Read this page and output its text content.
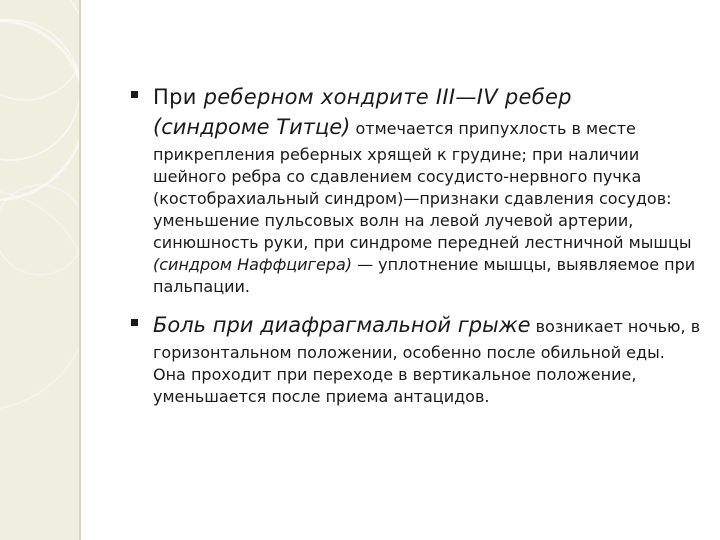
При реберном хондрите III—IV ребер
(синдроме Титце) отмечается припухлость в месте
прикрепления реберных хрящей к грудине; при наличии
шейного ребра со сдавлением сосудисто-нервного пучка
(костобрахиальный синдром)—признаки сдавления сосудов:
уменьшение пульсовых волн на левой лучевой артерии,
синюшность руки, при синдроме передней лестничной мышцы
(синдром Наффцигера) — уплотнение мышцы, выявляемое при
пальпации.
Боль при диафрагмальной грыже возникает ночью, в
горизонтальном положении, особенно после обильной еды.
Она проходит при переходе в вертикальное положение,
уменьшается после приема антацидов.
